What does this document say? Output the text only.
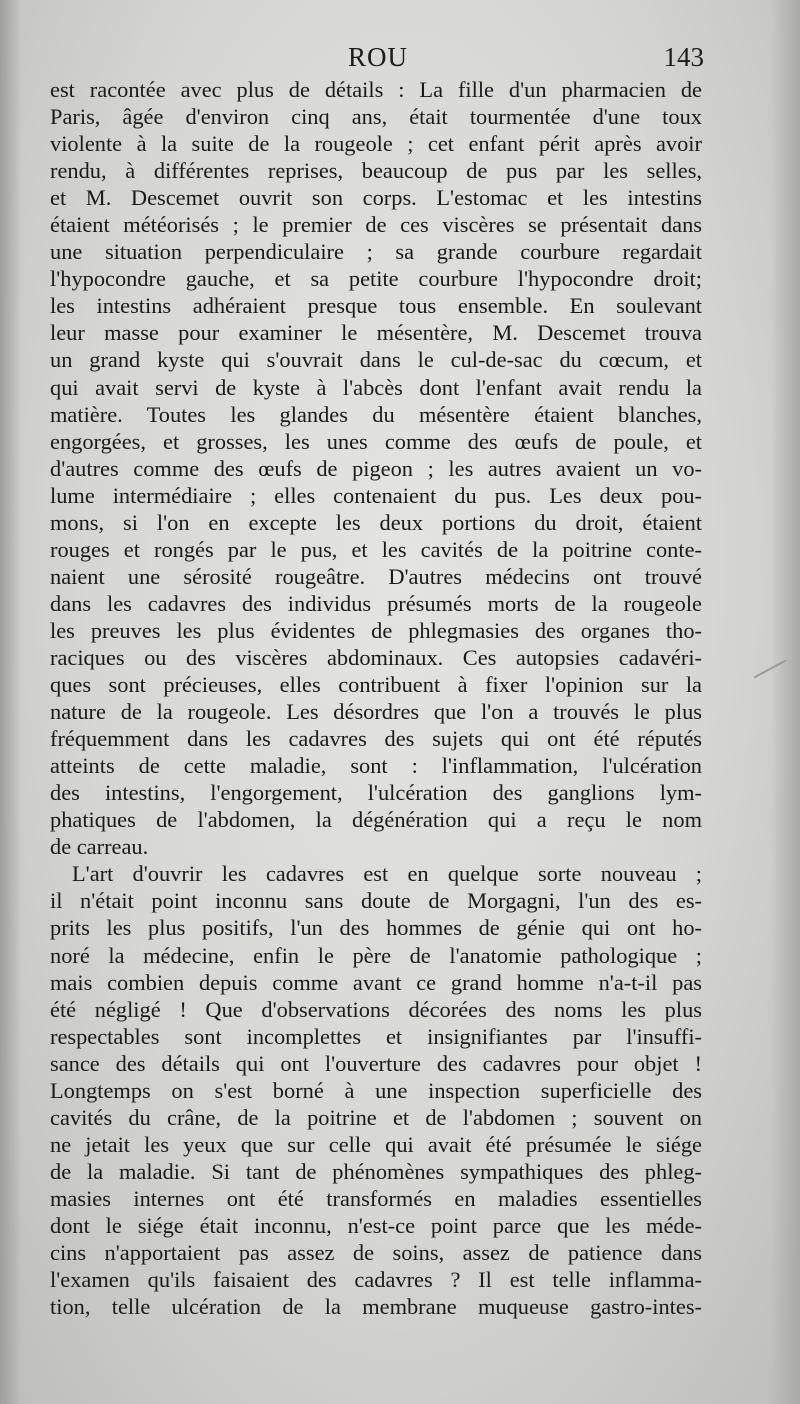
ROU	143
est racontée avec plus de détails : La fille d'un pharmacien de
Paris, âgée d'environ cinq ans, était tourmentée d'une toux
violente à la suite de la rougeole ; cet enfant périt après avoir
rendu, à différentes reprises, beaucoup de pus par les selles,
et M. Descemet ouvrit son corps. L'estomac et les intestins
étaient météorisés ; le premier de ces viscères se présentait dans
une situation perpendiculaire ; sa grande courbure regardait
l'hypocondre gauche, et sa petite courbure l'hypocondre droit;
les intestins adhéraient presque tous ensemble. En soulevant
leur masse pour examiner le mésentère, M. Descemet trouva
un grand kyste qui s'ouvrait dans le cul-de-sac du cœcum, et
qui avait servi de kyste à l'abcès dont l'enfant avait rendu la
matière. Toutes les glandes du mésentère étaient blanches,
engorgées, et grosses, les unes comme des œufs de poule, et
d'autres comme des œufs de pigeon ; les autres avaient un vo-
lume intermédiaire ; elles contenaient du pus. Les deux pou-
mons, si l'on en excepte les deux portions du droit, étaient
rouges et rongés par le pus, et les cavités de la poitrine conte-
naient une sérosité rougeâtre. D'autres médecins ont trouvé
dans les cadavres des individus présumés morts de la rougeole
les preuves les plus évidentes de phlegmasies des organes tho-
raciques ou des viscères abdominaux. Ces autopsies cadavéri-
ques sont précieuses, elles contribuent à fixer l'opinion sur la
nature de la rougeole. Les désordres que l'on a trouvés le plus
fréquemment dans les cadavres des sujets qui ont été réputés
atteints de cette maladie, sont : l'inflammation, l'ulcération
des intestins, l'engorgement, l'ulcération des ganglions lym-
phatiques de l'abdomen, la dégénération qui a reçu le nom
de carreau.
L'art d'ouvrir les cadavres est en quelque sorte nouveau ;
il n'était point inconnu sans doute de Morgagni, l'un des es-
prits les plus positifs, l'un des hommes de génie qui ont ho-
noré la médecine, enfin le père de l'anatomie pathologique ;
mais combien depuis comme avant ce grand homme n'a-t-il pas
été négligé ! Que d'observations décorées des noms les plus
respectables sont incomplettes et insignifiantes par l'insuffi-
sance des détails qui ont l'ouverture des cadavres pour objet !
Longtemps on s'est borné à une inspection superficielle des
cavités du crâne, de la poitrine et de l'abdomen ; souvent on
ne jetait les yeux que sur celle qui avait été présumée le siége
de la maladie. Si tant de phénomènes sympathiques des phleg-
masies internes ont été transformés en maladies essentielles
dont le siége était inconnu, n'est-ce point parce que les méde-
cins n'apportaient pas assez de soins, assez de patience dans
l'examen qu'ils faisaient des cadavres ? Il est telle inflamma-
tion, telle ulcération de la membrane muqueuse gastro-intes-
